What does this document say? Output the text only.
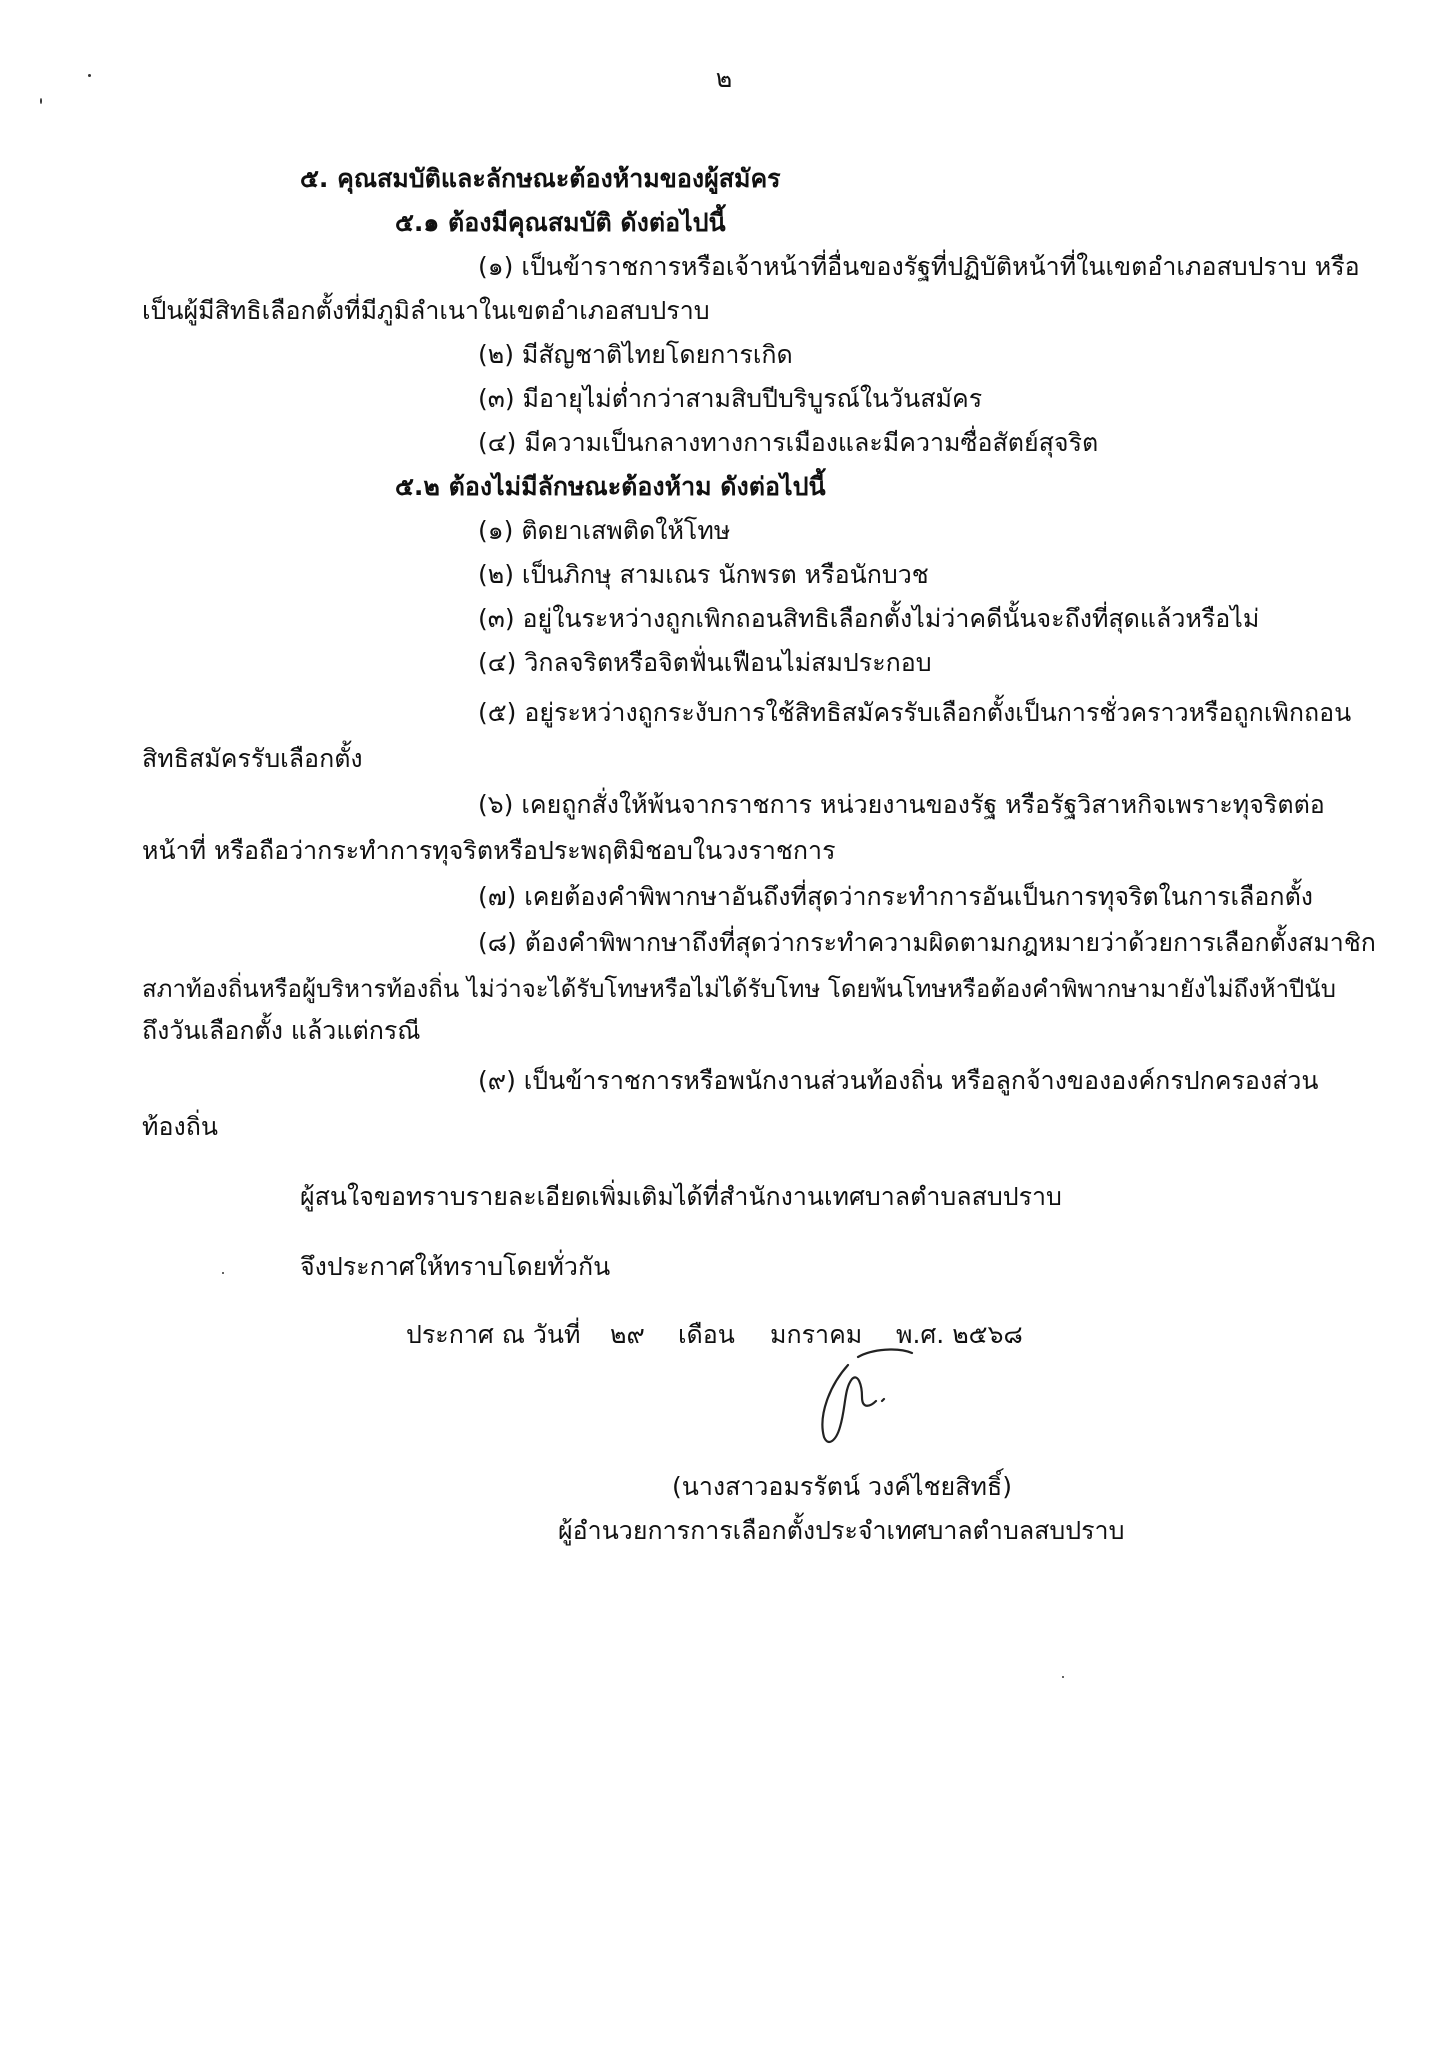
๒
๕. คุณสมบัติและลักษณะต้องห้ามของผู้สมัคร
๕.๑ ต้องมีคุณสมบัติ ดังต่อไปนี้
(๑) เป็นข้าราชการหรือเจ้าหน้าที่อื่นของรัฐที่ปฏิบัติหน้าที่ในเขตอำเภอสบปราบ หรือ
เป็นผู้มีสิทธิเลือกตั้งที่มีภูมิลำเนาในเขตอำเภอสบปราบ
(๒) มีสัญชาติไทยโดยการเกิด
(๓) มีอายุไม่ต่ำกว่าสามสิบปีบริบูรณ์ในวันสมัคร
(๔) มีความเป็นกลางทางการเมืองและมีความซื่อสัตย์สุจริต
๕.๒ ต้องไม่มีลักษณะต้องห้าม ดังต่อไปนี้
(๑) ติดยาเสพติดให้โทษ
(๒) เป็นภิกษุ สามเณร นักพรต หรือนักบวช
(๓) อยู่ในระหว่างถูกเพิกถอนสิทธิเลือกตั้งไม่ว่าคดีนั้นจะถึงที่สุดแล้วหรือไม่
(๔) วิกลจริตหรือจิตฟั่นเฟือนไม่สมประกอบ
(๕) อยู่ระหว่างถูกระงับการใช้สิทธิสมัครรับเลือกตั้งเป็นการชั่วคราวหรือถูกเพิกถอน
สิทธิสมัครรับเลือกตั้ง
(๖) เคยถูกสั่งให้พ้นจากราชการ หน่วยงานของรัฐ หรือรัฐวิสาหกิจเพราะทุจริตต่อ
หน้าที่ หรือถือว่ากระทำการทุจริตหรือประพฤติมิชอบในวงราชการ
(๗) เคยต้องคำพิพากษาอันถึงที่สุดว่ากระทำการอันเป็นการทุจริตในการเลือกตั้ง
(๘) ต้องคำพิพากษาถึงที่สุดว่ากระทำความผิดตามกฎหมายว่าด้วยการเลือกตั้งสมาชิก
สภาท้องถิ่นหรือผู้บริหารท้องถิ่น ไม่ว่าจะได้รับโทษหรือไม่ได้รับโทษ โดยพ้นโทษหรือต้องคำพิพากษามายังไม่ถึงห้าปีนับ
ถึงวันเลือกตั้ง แล้วแต่กรณี
(๙) เป็นข้าราชการหรือพนักงานส่วนท้องถิ่น หรือลูกจ้างขององค์กรปกครองส่วน
ท้องถิ่น
ผู้สนใจขอทราบรายละเอียดเพิ่มเติมได้ที่สำนักงานเทศบาลตำบลสบปราบ
จึงประกาศให้ทราบโดยทั่วกัน
ประกาศ ณ วันที่ ๒๙ เดือน มกราคม พ.ศ. ๒๕๖๘
(นางสาวอมรรัตน์ วงค์ไชยสิทธิ์)
ผู้อำนวยการการเลือกตั้งประจำเทศบาลตำบลสบปราบ
